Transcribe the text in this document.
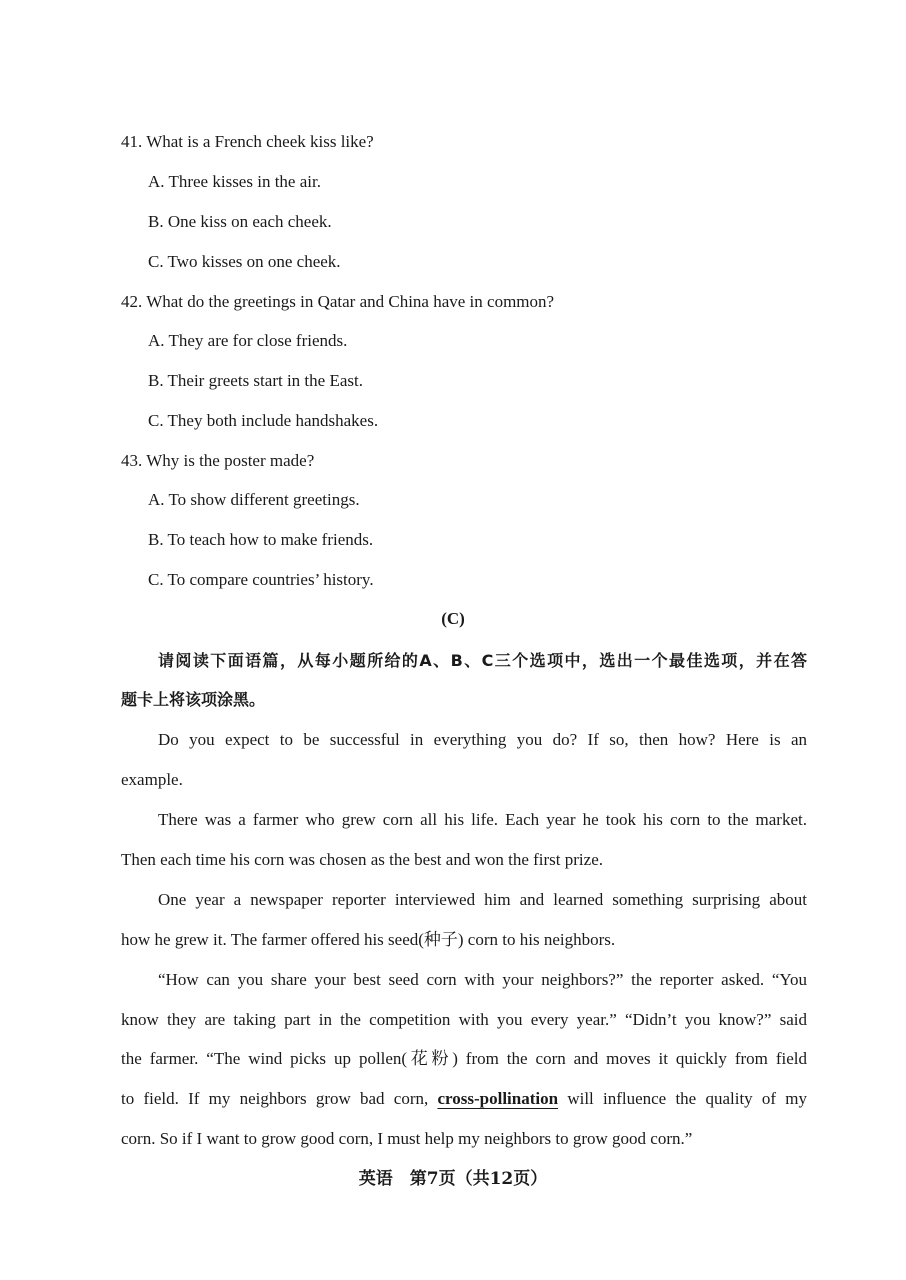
41. What is a French cheek kiss like?
A. Three kisses in the air.
B. One kiss on each cheek.
C. Two kisses on one cheek.
42. What do the greetings in Qatar and China have in common?
A. They are for close friends.
B. Their greets start in the East.
C. They both include handshakes.
43. Why is the poster made?
A. To show different greetings.
B. To teach how to make friends.
C. To compare countries’ history.
(C)
请阅读下面语篇，从每小题所给的A、B、C三个选项中，选出一个最佳选项，并在答
题卡上将该项涂黑。
Do you expect to be successful in everything you do? If so, then how? Here is an
example.
There was a farmer who grew corn all his life. Each year he took his corn to the market.
Then each time his corn was chosen as the best and won the first prize.
One year a newspaper reporter interviewed him and learned something surprising about
how he grew it. The farmer offered his seed(种子) corn to his neighbors.
“How can you share your best seed corn with your neighbors?” the reporter asked. “You
know they are taking part in the competition with you every year.” “Didn’t you know?” said
the farmer. “The wind picks up pollen(花粉) from the corn and moves it quickly from field
to field. If my neighbors grow bad corn, cross-pollination will influence the quality of my
corn. So if I want to grow good corn, I must help my neighbors to grow good corn.”
英语　第7页（共12页）
